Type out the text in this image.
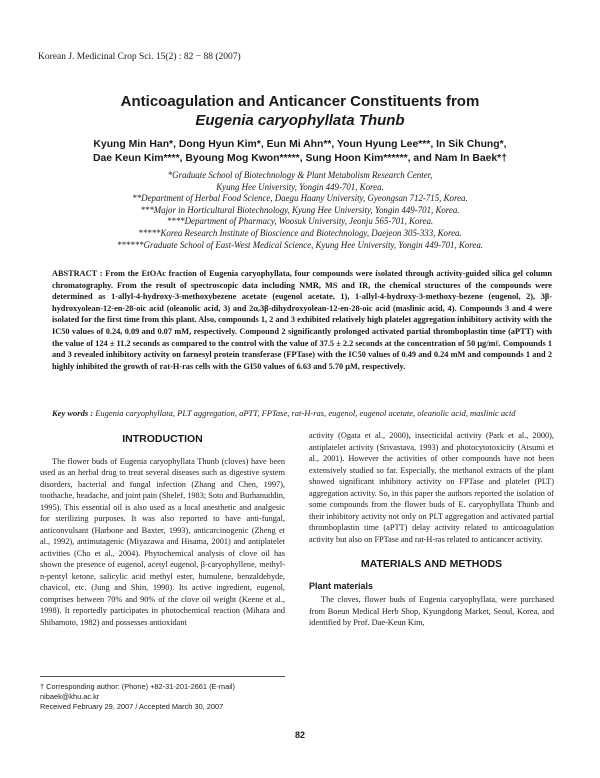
Korean J. Medicinal Crop Sci. 15(2) : 82 − 88 (2007)
Anticoagulation and Anticancer Constituents from
Eugenia caryophyllata Thunb
Kyung Min Han*, Dong Hyun Kim*, Eun Mi Ahn**, Youn Hyung Lee***, In Sik Chung*,
Dae Keun Kim****, Byoung Mog Kwon*****, Sung Hoon Kim******, and Nam In Baek*†
*Graduate School of Biotechnology & Plant Metabolism Research Center,
Kyung Hee University, Yongin 449-701, Korea.
**Department of Herbal Food Science, Daegu Haany University, Gyeongsan 712-715, Korea.
***Major in Horticultural Biotechnology, Kyung Hee University, Yongin 449-701, Korea.
****Department of Pharmacy, Woosuk University, Jeonju 565-701, Korea.
*****Korea Research Institute of Bioscience and Biotechnology, Daejeon 305-333, Korea.
******Graduate School of East-West Medical Science, Kyung Hee University, Yongin 449-701, Korea.
ABSTRACT : From the EtOAc fraction of Eugenia caryophyllata, four compounds were isolated through activity-guided silica gel column chromatography. From the result of spectroscopic data including NMR, MS and IR, the chemical structures of the compounds were determined as 1-allyl-4-hydroxy-3-methoxybezene acetate (eugenol acetate, 1), 1-allyl-4-hydroxy-3-methoxy-bezene (eugenol, 2), 3β-hydroxyolean-12-en-28-oic acid (oleanolic acid, 3) and 2α,3β-dihydroxyolean-12-en-28-oic acid (maslinic acid, 4). Compounds 3 and 4 were isolated for the first time from this plant. Also, compounds 1, 2 and 3 exhibited relatively high platelet aggregation inhibitory activity with the IC50 values of 0.24, 0.09 and 0.07 mM, respectively. Compound 2 significantly prolonged activated partial thromboplastin time (aPTT) with the value of 124 ± 11.2 seconds as compared to the control with the value of 37.5 ± 2.2 seconds at the concentration of 50 μg/mℓ. Compounds 1 and 3 revealed inhibitory activity on farnesyl protein transferase (FPTase) with the IC50 values of 0.49 and 0.24 mM and compounds 1 and 2 highly inhibited the growth of rat-H-ras cells with the GI50 values of 6.63 and 5.70 μM, respectively.
Key words : Eugenia caryophyllata, PLT aggregation, aPTT, FPTase, rat-H-ras, eugenol, eugenol acetate, oleanolic acid, maslinic acid
INTRODUCTION

The flower buds of Eugenia caryophyllata Thunb (cloves) have been used as an herbal drug to treat several diseases such as digestive system disorders, bacterial and fungal infection (Zhang and Chen, 1997), toothache, headache, and joint pain (Shelef, 1983; Soto and Burhanuddin, 1995). This essential oil is also used as a local anesthetic and analgesic for sterilizing purposes. It was also reported to have anti-fungal, anticonvulsant (Harbone and Baxter, 1993), anticarcinogenic (Zheng et al., 1992), antimutagenic (Miyazawa and Hisama, 2001) and antiplatelet activities (Cho et al., 2004). Phytochemical analysis of clove oil has shown the presence of eugenol, acetyl eugenol, β-caryophyllene, methyl-n-pentyl ketone, salicylic acid methyl ester, humulene, benzaldehyde, chavicol, etc. (Jung and Shin, 1990). Its active ingredient, eugenol, comprises between 70% and 90% of the clove oil weight (Keene et al., 1998). It reportedly participates in photochemical reaction (Mihara and Shibamoto, 1982) and possesses antioxidant

activity (Ogata et al., 2000), insecticidal activity (Park et al., 2000), antiplatelet activity (Srivastava, 1993) and photocytotoxicity (Atsumi et al., 2001). However the activities of other compounds have not been extensively studied so far. Especially, the methanol extracts of the plant showed significant inhibitory activity on FPTase and platelet (PLT) aggregation activity. So, in this paper the authors reported the isolation of some compounds from the flower buds of E. caryophyllata Thunb and their inhibitory activity not only on PLT aggregation and activated partial thromboplastin time (aPTT) delay activity related to anticoagulation activity but also on FPTase and rat-H-ras related to anticancer activity.

MATERIALS AND METHODS
Plant materials

The cloves, flower buds of Eugenia caryophyllata, were purchased from Boeun Medical Herb Shop, Kyungdong Market, Seoul, Korea, and identified by Prof. Dae-Keun Kim,

† Corresponding author: (Phone) +82-31-201-2661 (E-mail) nibaek@khu.ac.kr
Received February 29, 2007 / Accepted March 30, 2007
82
